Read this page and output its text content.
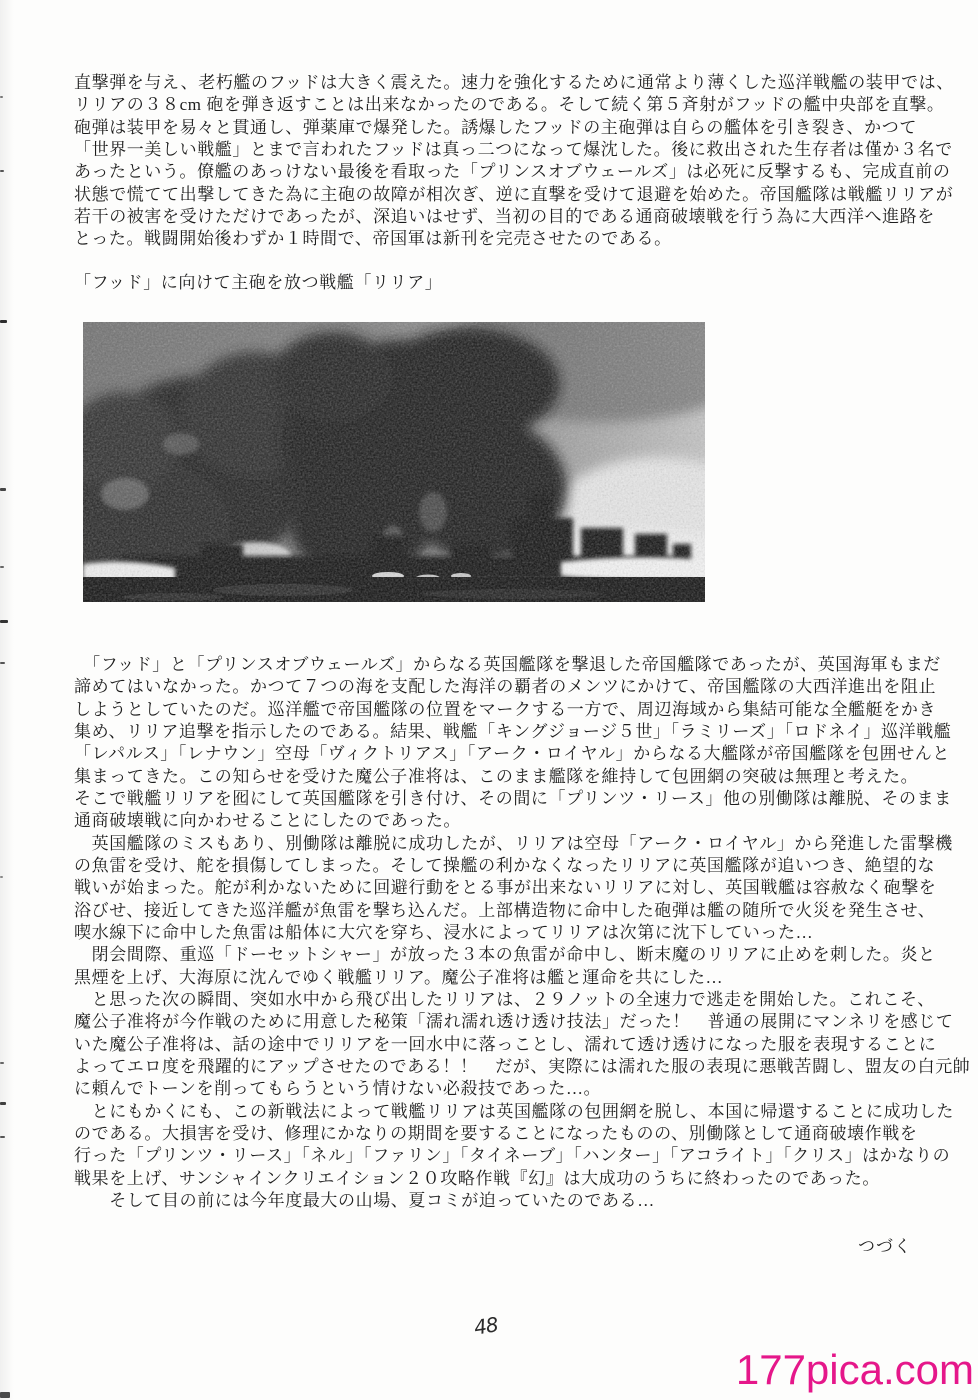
直撃弾を与え、老朽艦のフッドは大きく震えた。速力を強化するために通常より薄くした巡洋戦艦の装甲では、
リリアの３８cm 砲を弾き返すことは出来なかったのである。そして続く第５斉射がフッドの艦中央部を直撃。
砲弾は装甲を易々と貫通し、弾薬庫で爆発した。誘爆したフッドの主砲弾は自らの艦体を引き裂き、かつて
「世界一美しい戦艦」とまで言われたフッドは真っ二つになって爆沈した。後に救出された生存者は僅か３名で
あったという。僚艦のあっけない最後を看取った「プリンスオブウェールズ」は必死に反撃するも、完成直前の
状態で慌てて出撃してきた為に主砲の故障が相次ぎ、逆に直撃を受けて退避を始めた。帝国艦隊は戦艦リリアが
若干の被害を受けただけであったが、深追いはせず、当初の目的である通商破壊戦を行う為に大西洋へ進路を
とった。戦闘開始後わずか１時間で、帝国軍は新刊を完売させたのである。
「フッド」に向けて主砲を放つ戦艦「リリア」
　「フッド」と「プリンスオブウェールズ」からなる英国艦隊を撃退した帝国艦隊であったが、英国海軍もまだ
諦めてはいなかった。かつて７つの海を支配した海洋の覇者のメンツにかけて、帝国艦隊の大西洋進出を阻止
しようとしていたのだ。巡洋艦で帝国艦隊の位置をマークする一方で、周辺海域から集結可能な全艦艇をかき
集め、リリア追撃を指示したのである。結果、戦艦「キングジョージ５世」「ラミリーズ」「ロドネイ」巡洋戦艦
「レパルス」「レナウン」空母「ヴィクトリアス」「アーク・ロイヤル」からなる大艦隊が帝国艦隊を包囲せんと
集まってきた。この知らせを受けた魔公子准将は、このまま艦隊を維持して包囲網の突破は無理と考えた。
そこで戦艦リリアを囮にして英国艦隊を引き付け、その間に「プリンツ・リース」他の別働隊は離脱、そのまま
通商破壊戦に向かわせることにしたのであった。
　英国艦隊のミスもあり、別働隊は離脱に成功したが、リリアは空母「アーク・ロイヤル」から発進した雷撃機
の魚雷を受け、舵を損傷してしまった。そして操艦の利かなくなったリリアに英国艦隊が追いつき、絶望的な
戦いが始まった。舵が利かないために回避行動をとる事が出来ないリリアに対し、英国戦艦は容赦なく砲撃を
浴びせ、接近してきた巡洋艦が魚雷を撃ち込んだ。上部構造物に命中した砲弾は艦の随所で火災を発生させ、
喫水線下に命中した魚雷は船体に大穴を穿ち、浸水によってリリアは次第に沈下していった…
　閉会間際、重巡「ドーセットシャー」が放った３本の魚雷が命中し、断末魔のリリアに止めを刺した。炎と
黒煙を上げ、大海原に沈んでゆく戦艦リリア。魔公子准将は艦と運命を共にした…
　と思った次の瞬間、突如水中から飛び出したリリアは、２９ノットの全速力で逃走を開始した。これこそ、
魔公子准将が今作戦のために用意した秘策「濡れ濡れ透け透け技法」だった！　普通の展開にマンネリを感じて
いた魔公子准将は、話の途中でリリアを一回水中に落っことし、濡れて透け透けになった服を表現することに
よってエロ度を飛躍的にアップさせたのである！！　だが、実際には濡れた服の表現に悪戦苦闘し、盟友の白元帥
に頼んでトーンを削ってもらうという情けない必殺技であった…。
　とにもかくにも、この新戦法によって戦艦リリアは英国艦隊の包囲網を脱し、本国に帰還することに成功した
のである。大損害を受け、修理にかなりの期間を要することになったものの、別働隊として通商破壊作戦を
行った「プリンツ・リース」「ネル」「ファリン」「タイネーブ」「ハンター」「アコライト」「クリス」はかなりの
戦果を上げ、サンシャインクリエイション２０攻略作戦『幻』は大成功のうちに終わったのであった。
　　そして目の前には今年度最大の山場、夏コミが迫っていたのである…
つづく
48
177pica.com
